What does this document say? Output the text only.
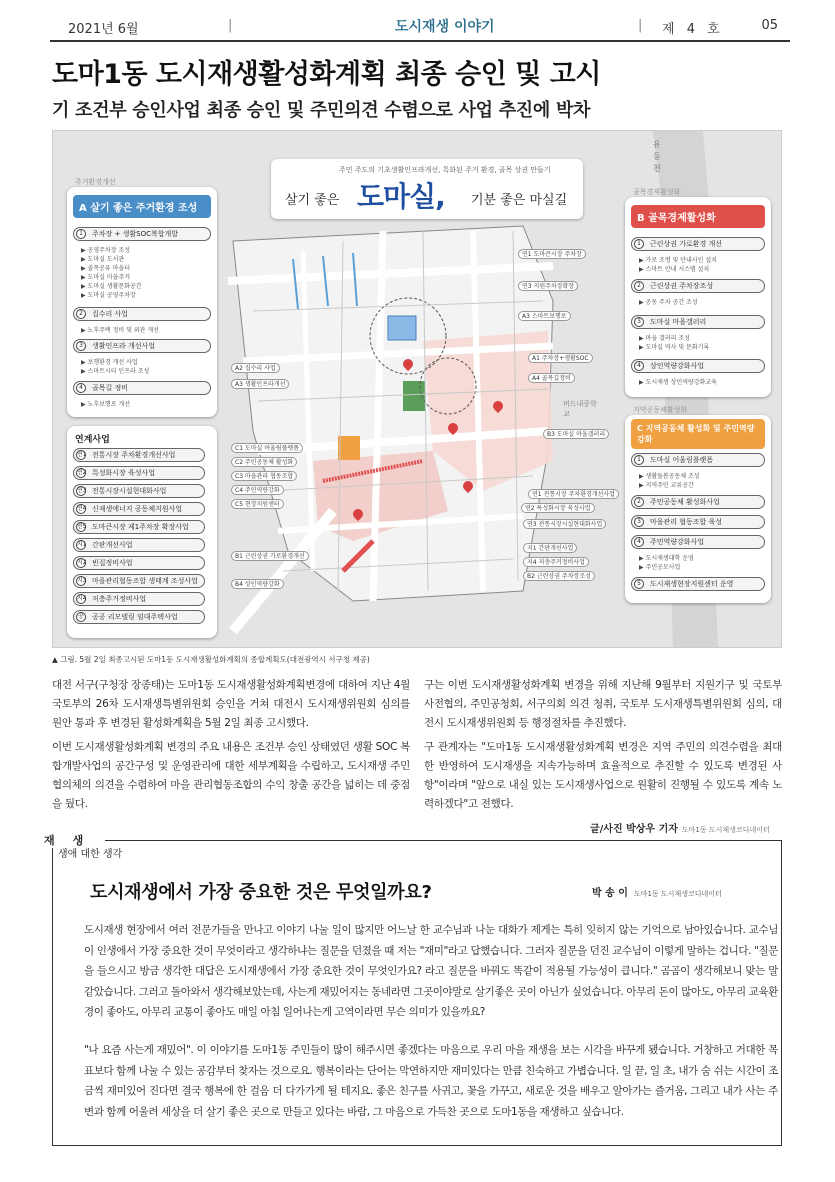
2021년 6월	|	도시재생 이야기	| 제 4 호	05
도마1동 도시재생활성화계획 최종 승인 및 고시
기 조건부 승인사업 최종 승인 및 주민의견 수렴으로 사업 추진에 박차
주민 주도의 기초생활인프라개선, 특화된 주거 환경, 골목 상권 만들기
살기 좋은 도마실, 기분 좋은 마실길
주거환경개선
A 살기 좋은 주거환경 조성
1	주차장 + 생활SOC복합개발
▶ 공영주차장 조성
▶ 도마실 도서관
▶ 골목공유 마을터
▶ 도마실 마을주거
▶ 도마실 생활문화공간
▶ 도마실 공영주차장
2	집수리 사업
▶ 노후주택 정비 및 외관 개선
3	생활인프라 개선사업
▶ 보행환경 개선 사업
▶ 스마트시티 인프라 조성
4	골목길 정비
▶ 노후보행로 개선
연계사업
연1 전통시장 주차환경개선사업
연2 특성화시장 육성사업
연3 전통시장시설현대화사업
연4 신재생에너지 공동체지원사업
연5 도마큰시장 제1주차장 확장사업
지1 간판개선사업
지2 빈집정비사업
지3 마을관리협동조합 생태계 조성사업
지4 저층주거정비사업
공	공공 리모델링 임대주택사업
골목경제활성화
B 골목경제활성화
1	근린상권 가로환경 개선
▶ 가로 조명 및 안내사인 설치
▶ 스마트 안내 시스템 설치
2	근린상권 주차장조성
▶ 공동 주차 공간 조성
3	도마실 마을갤러리
▶ 마을 갤러리 조성
▶ 도마실 역사 및 문화기록
4	상인역량강화사업
▶ 도시재생 상인역량강화교육
지역공동체활성화
C 지역공동체 활성화 및 주민역량강화
1	도마실 어울림플랫폼
▶ 생활돌봄공동체 조성
▶ 지역주민 교류공간
2	주민공동체 활성화사업
3	마을관리 협동조합 육성
4	주민역량강화사업
▶ 도시재생대학 운영
▶ 주민공모사업
5	도시재생현장지원센터 운영
연1 도마큰시장 주차장
연3 지원주차장확장
A3 스마트보행로
A1 주차장+생활SOC
A4 골목길정비
B3 도마실 마을갤러리
연1 전통시장 주차환경개선사업
연2 특성화시장 육성사업
연3 전통시장시설현대화사업
지1 간판개선사업
지4 저층주거정비사업
B2 근린상권 주차장조성
C1 도마실 어울림플랫폼
C2 주민공동체 활성화
C3 마을관리 협동조합
C4 주민역량강화
C5 현장지원센터
B1 근린상권 가로환경개선
B4 상인역량강화
A2 집수리 사업
A3 생활인프라개선
유등천
버드내중학교
▲ 그림. 5월 2일 최종고시된 도마1동 도시재생활성화계획의 종합계획도(대전광역시 서구청 제공)
대전 서구(구청장 장종태)는 도마1동 도시재생활성화계획변경에 대하여 지난 4월 국토부의 26차 도시재생특별위원회 승인을 거쳐 대전시 도시재생위원회 심의를 원안 통과 후 변경된 활성화계획을 5월 2일 최종 고시했다.
이번 도시재생활성화계획 변경의 주요 내용은 조건부 승인 상태였던 생활 SOC 복합개발사업의 공간구성 및 운영관리에 대한 세부계획을 수립하고, 도시재생 주민협의체의 의견을 수렴하여 마을 관리협동조합의 수익 창출 공간을 넓히는 데 중점을 뒀다.
구는 이번 도시재생활성화계획 변경을 위해 지난해 9월부터 지원기구 및 국토부 사전협의, 주민공청회, 서구의회 의견 청취, 국토부 도시재생특별위원회 심의, 대전시 도시재생위원회 등 행정절차를 추진했다.
구 관계자는 "도마1동 도시재생활성화계획 변경은 지역 주민의 의견수렴을 최대한 반영하여 도시재생을 지속가능하며 효율적으로 추진할 수 있도록 변경된 사항"이라며 "앞으로 내실 있는 도시재생사업으로 원활히 진행될 수 있도록 계속 노력하겠다"고 전했다.
글/사진 박상우 기자 도마1동 도시재생코디네이터
재생
생애 대한 생각
도시재생에서 가장 중요한 것은 무엇일까요?	박 송 이 도마1동 도시재생코디네이터
도시재생 현장에서 여러 전문가들을 만나고 이야기 나눌 일이 많지만 어느날 한 교수님과 나눈 대화가 제게는 특히 잊히지 않는 기억으로 남아있습니다. 교수님이 인생에서 가장 중요한 것이 무엇이라고 생각하냐는 질문을 던졌을 때 저는 "재미"라고 답했습니다. 그러자 질문을 던진 교수님이 이렇게 말하는 겁니다. "질문을 들으시고 방금 생각한 대답은 도시재생에서 가장 중요한 것이 무엇인가요? 라고 질문을 바꿔도 똑같이 적용될 가능성이 큽니다." 곰곰이 생각해보니 맞는 말 같았습니다. 그러고 돌아와서 생각해보았는데, 사는게 재밌어지는 동네라면 그곳이야말로 살기좋은 곳이 아닌가 싶었습니다. 아무리 돈이 많아도, 아무리 교육환경이 좋아도, 아무리 교통이 좋아도 매일 아침 일어나는게 고역이라면 무슨 의미가 있을까요?
"나 요즘 사는게 재밌어". 이 이야기를 도마1동 주민들이 많이 해주시면 좋겠다는 마음으로 우리 마을 재생을 보는 시각을 바꾸게 됐습니다. 거창하고 거대한 목표보다 함께 나눌 수 있는 공감부터 찾자는 것으로요. 행복이라는 단어는 막연하지만 재미있다는 만큼 친숙하고 가볍습니다. 일 끝, 일 초, 내가 숨 쉬는 시간이 조금씩 재미있어 진다면 결국 행복에 한 걸음 더 다가가게 될 테지요. 좋은 친구를 사귀고, 꽃을 가꾸고, 새로운 것을 배우고 알아가는 즐거움, 그리고 내가 사는 주변과 함께 어울려 세상을 더 살기 좋은 곳으로 만들고 있다는 바람, 그 마음으로 가득찬 곳으로 도마1동을 재생하고 싶습니다.
